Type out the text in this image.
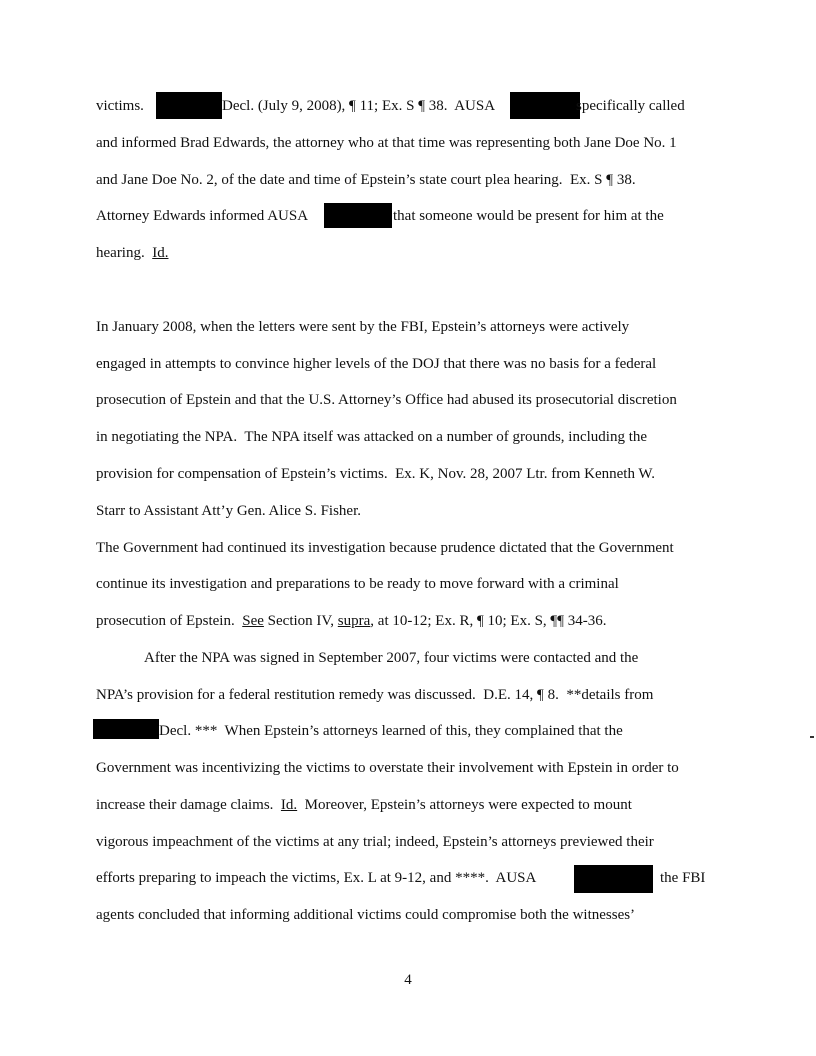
victims.	Decl. (July 9, 2008), ¶ 11; Ex. S ¶ 38.  AUSA	specifically called
and informed Brad Edwards, the attorney who at that time was representing both Jane Doe No. 1
and Jane Doe No. 2, of the date and time of Epstein’s state court plea hearing.  Ex. S ¶ 38.
Attorney Edwards informed AUSA	that someone would be present for him at the
hearing.  Id.
In January 2008, when the letters were sent by the FBI, Epstein’s attorneys were actively
engaged in attempts to convince higher levels of the DOJ that there was no basis for a federal
prosecution of Epstein and that the U.S. Attorney’s Office had abused its prosecutorial discretion
in negotiating the NPA.  The NPA itself was attacked on a number of grounds, including the
provision for compensation of Epstein’s victims.  Ex. K, Nov. 28, 2007 Ltr. from Kenneth W.
Starr to Assistant Att’y Gen. Alice S. Fisher.
The Government had continued its investigation because prudence dictated that the Government
continue its investigation and preparations to be ready to move forward with a criminal
prosecution of Epstein.  See Section IV, supra, at 10-12; Ex. R, ¶ 10; Ex. S, ¶¶ 34-36.
After the NPA was signed in September 2007, four victims were contacted and the
NPA’s provision for a federal restitution remedy was discussed.  D.E. 14, ¶ 8.  **details from
Decl. ***  When Epstein’s attorneys learned of this, they complained that the
Government was incentivizing the victims to overstate their involvement with Epstein in order to
increase their damage claims.  Id.  Moreover, Epstein’s attorneys were expected to mount
vigorous impeachment of the victims at any trial; indeed, Epstein’s attorneys previewed their
efforts preparing to impeach the victims, Ex. L at 9-12, and ****.  AUSA	the FBI
agents concluded that informing additional victims could compromise both the witnesses’
4
